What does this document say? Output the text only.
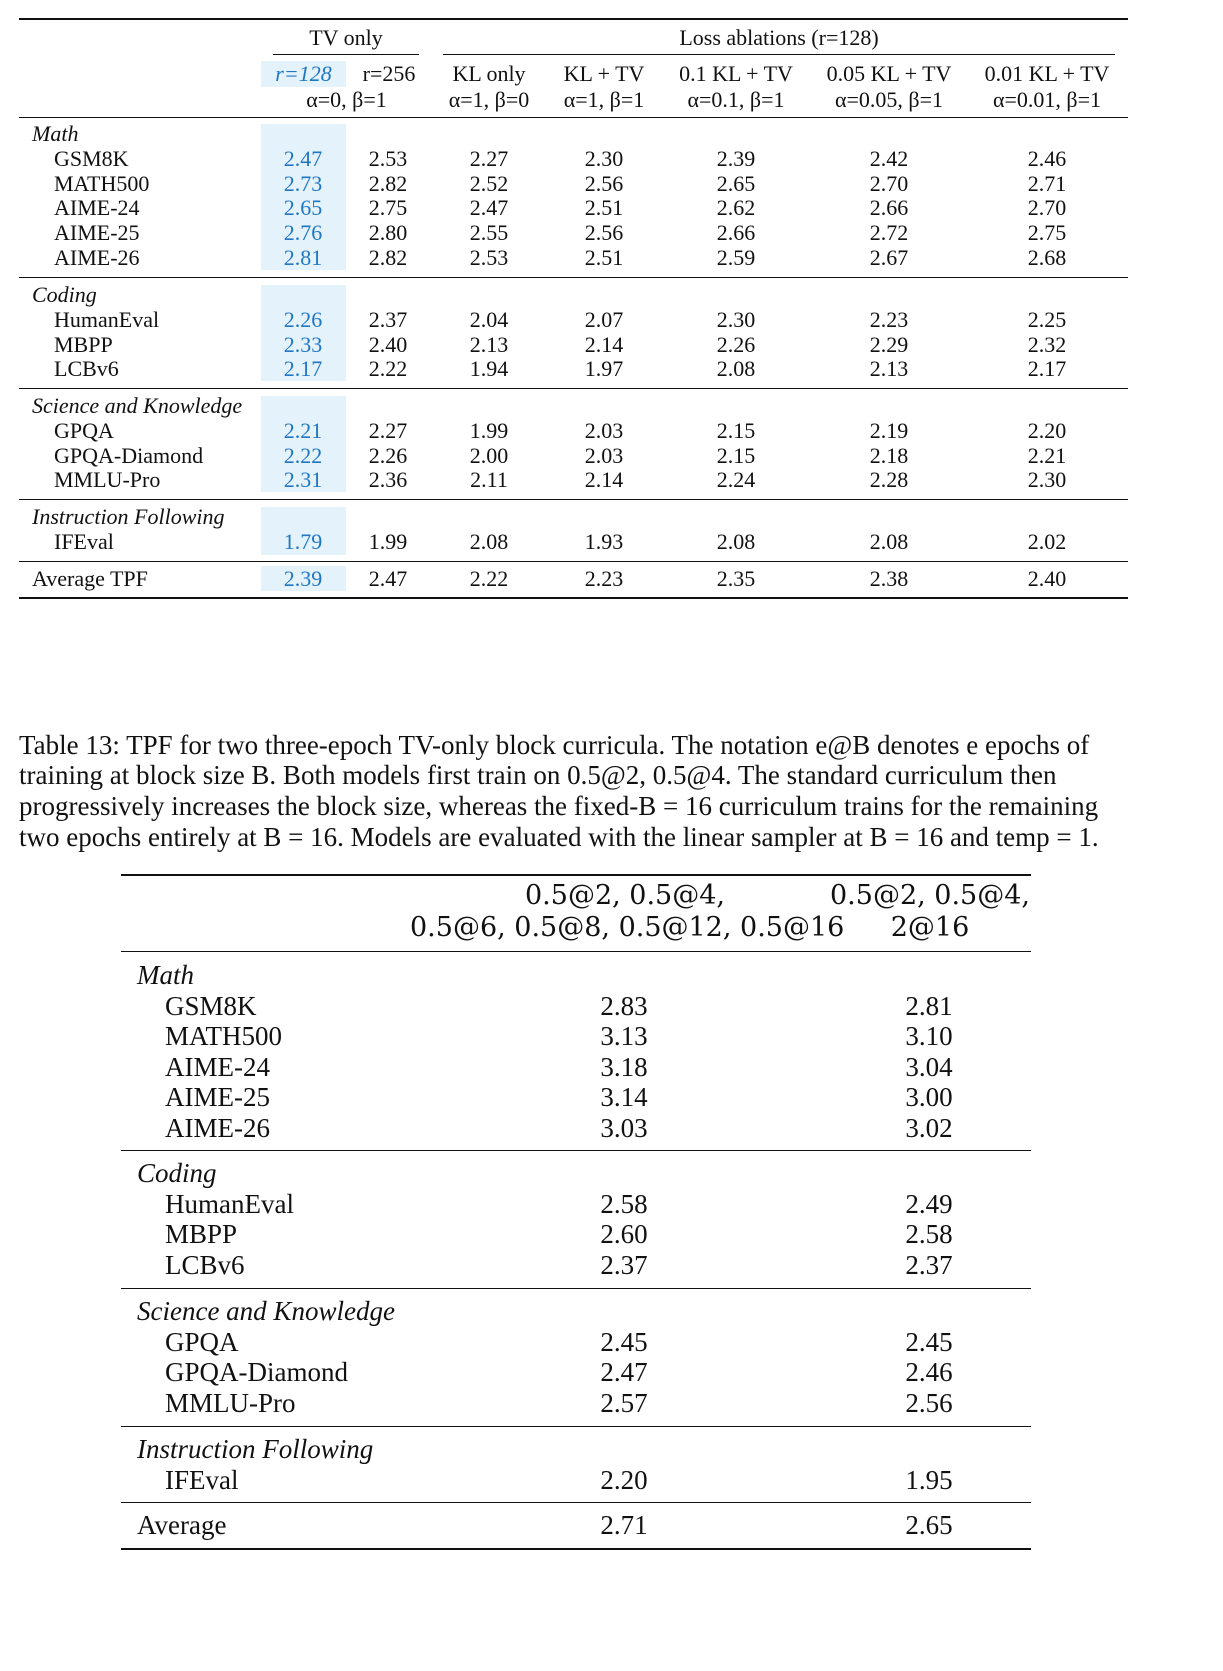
TV only	Loss ablations (r=128)
r=128	r=256	KL only	KL + TV	0.1 KL + TV	0.05 KL + TV	0.01 KL + TV
α=0, β=1	α=1, β=0	α=1, β=1	α=0.1, β=1	α=0.05, β=1	α=0.01, β=1
Math
GSM8K	2.47	2.53	2.27	2.30	2.39	2.42	2.46
MATH500	2.73	2.82	2.52	2.56	2.65	2.70	2.71
AIME-24	2.65	2.75	2.47	2.51	2.62	2.66	2.70
AIME-25	2.76	2.80	2.55	2.56	2.66	2.72	2.75
AIME-26	2.81	2.82	2.53	2.51	2.59	2.67	2.68
Coding
HumanEval	2.26	2.37	2.04	2.07	2.30	2.23	2.25
MBPP	2.33	2.40	2.13	2.14	2.26	2.29	2.32
LCBv6	2.17	2.22	1.94	1.97	2.08	2.13	2.17
Science and Knowledge
GPQA	2.21	2.27	1.99	2.03	2.15	2.19	2.20
GPQA-Diamond	2.22	2.26	2.00	2.03	2.15	2.18	2.21
MMLU-Pro	2.31	2.36	2.11	2.14	2.24	2.28	2.30
Instruction Following
IFEval	1.79	1.99	2.08	1.93	2.08	2.08	2.02
Average TPF	2.39	2.47	2.22	2.23	2.35	2.38	2.40
Table 13: TPF for two three-epoch TV-only block curricula. The notation e@B denotes e epochs of
training at block size B. Both models first train on 0.5@2, 0.5@4. The standard curriculum then
progressively increases the block size, whereas the fixed-B = 16 curriculum trains for the remaining
two epochs entirely at B = 16. Models are evaluated with the linear sampler at B = 16 and temp = 1.
0.5@2, 0.5@4,
0.5@6, 0.5@8, 0.5@12, 0.5@16
0.5@2, 0.5@4,
2@16
Math
GSM8K	2.83	2.81
MATH500	3.13	3.10
AIME-24	3.18	3.04
AIME-25	3.14	3.00
AIME-26	3.03	3.02
Coding
HumanEval	2.58	2.49
MBPP	2.60	2.58
LCBv6	2.37	2.37
Science and Knowledge
GPQA	2.45	2.45
GPQA-Diamond	2.47	2.46
MMLU-Pro	2.57	2.56
Instruction Following
IFEval	2.20	1.95
Average	2.71	2.65
